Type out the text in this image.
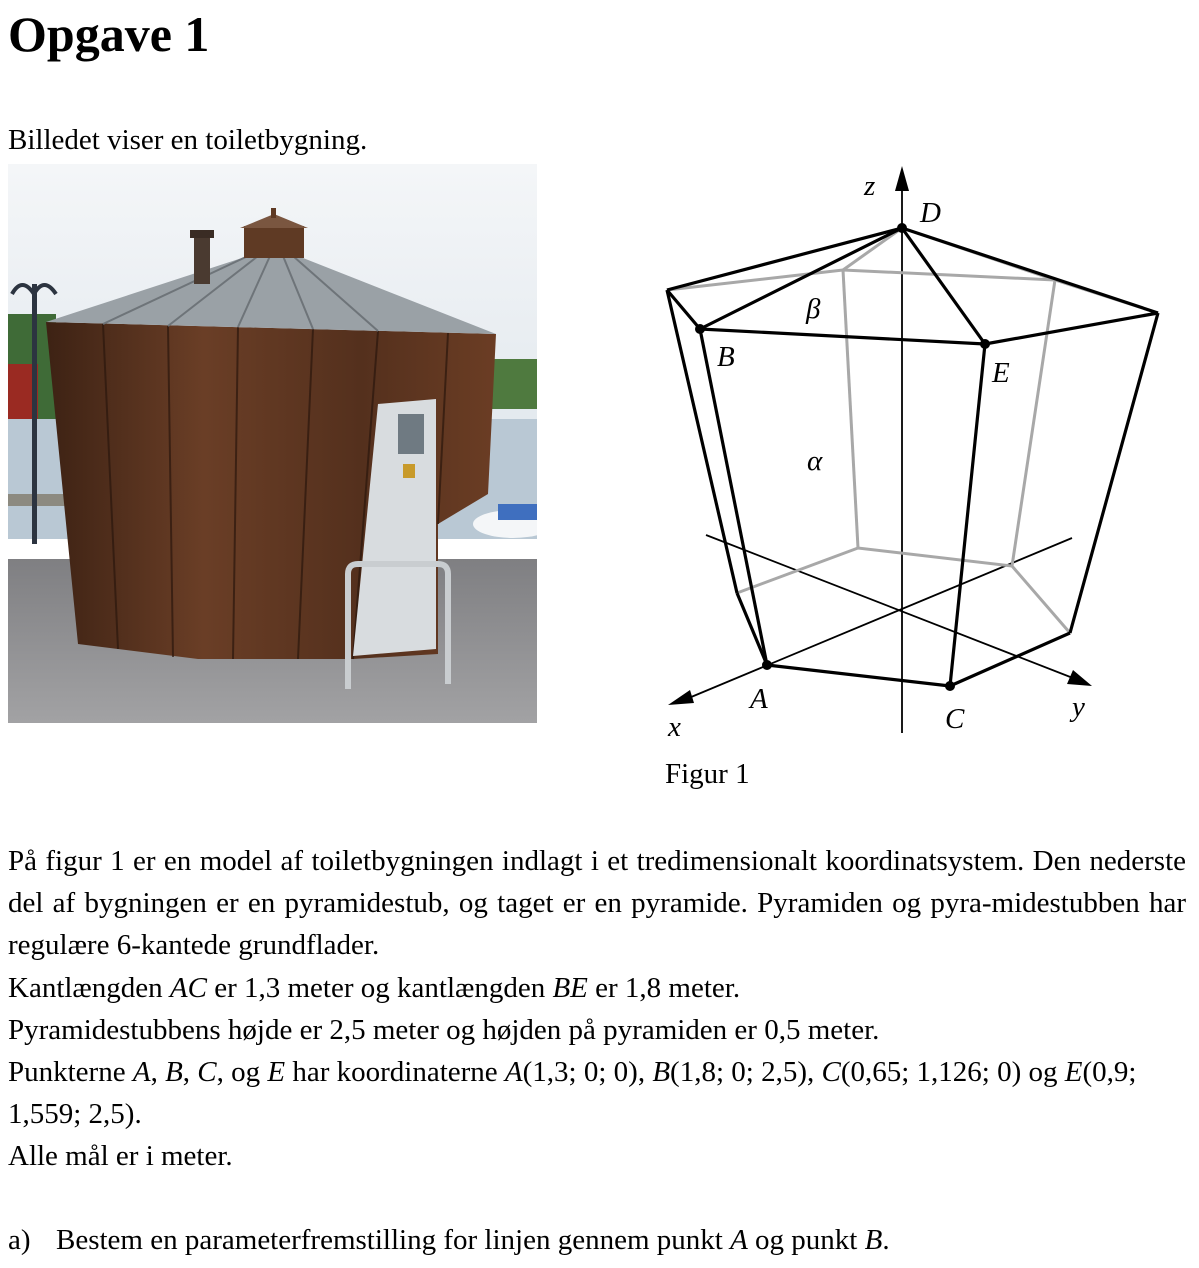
Opgave 1
Billedet viser en toiletbygning.
z
x
y
D
B	E
A
C
β
α
Figur 1

På figur 1 er en model af toiletbygningen indlagt i et tredimensionalt koordinatsystem. Den nederste del af bygningen er en pyramidestub, og taget er en pyramide. Pyramiden og pyra-midestubben har regulære 6-kantede grundflader.

Kantlængden AC er 1,3 meter og kantlængden BE er 1,8 meter.

Pyramidestubbens højde er 2,5 meter og højden på pyramiden er 0,5 meter.

Punkterne A, B, C, og E har koordinaterne A(1,3; 0; 0), B(1,8; 0; 2,5), C(0,65; 1,126; 0) og E(0,9; 1,559; 2,5).

Alle mål er i meter.

a) Bestem en parameterfremstilling for linjen gennem punkt A og punkt B.
